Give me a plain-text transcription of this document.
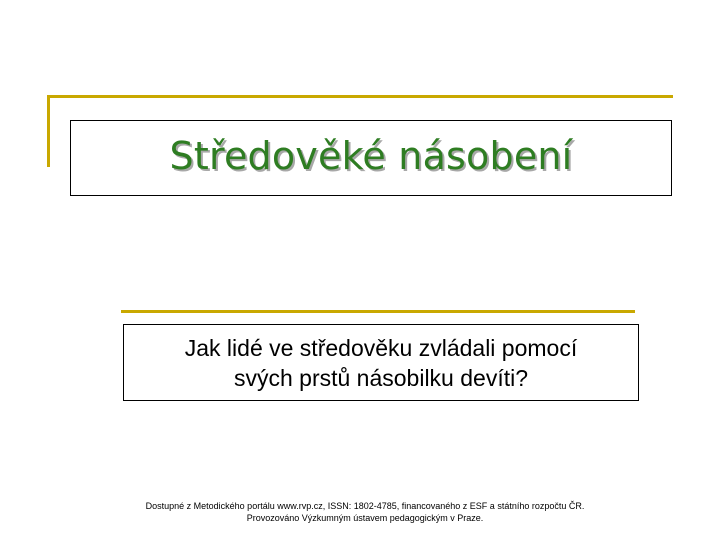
Středověké násobení
Jak lidé ve středověku zvládali pomocí
svých prstů násobilku devíti?
Dostupné z Metodického portálu www.rvp.cz, ISSN: 1802-4785, financovaného z ESF a státního rozpočtu ČR.
Provozováno Výzkumným ústavem pedagogickým v Praze.
